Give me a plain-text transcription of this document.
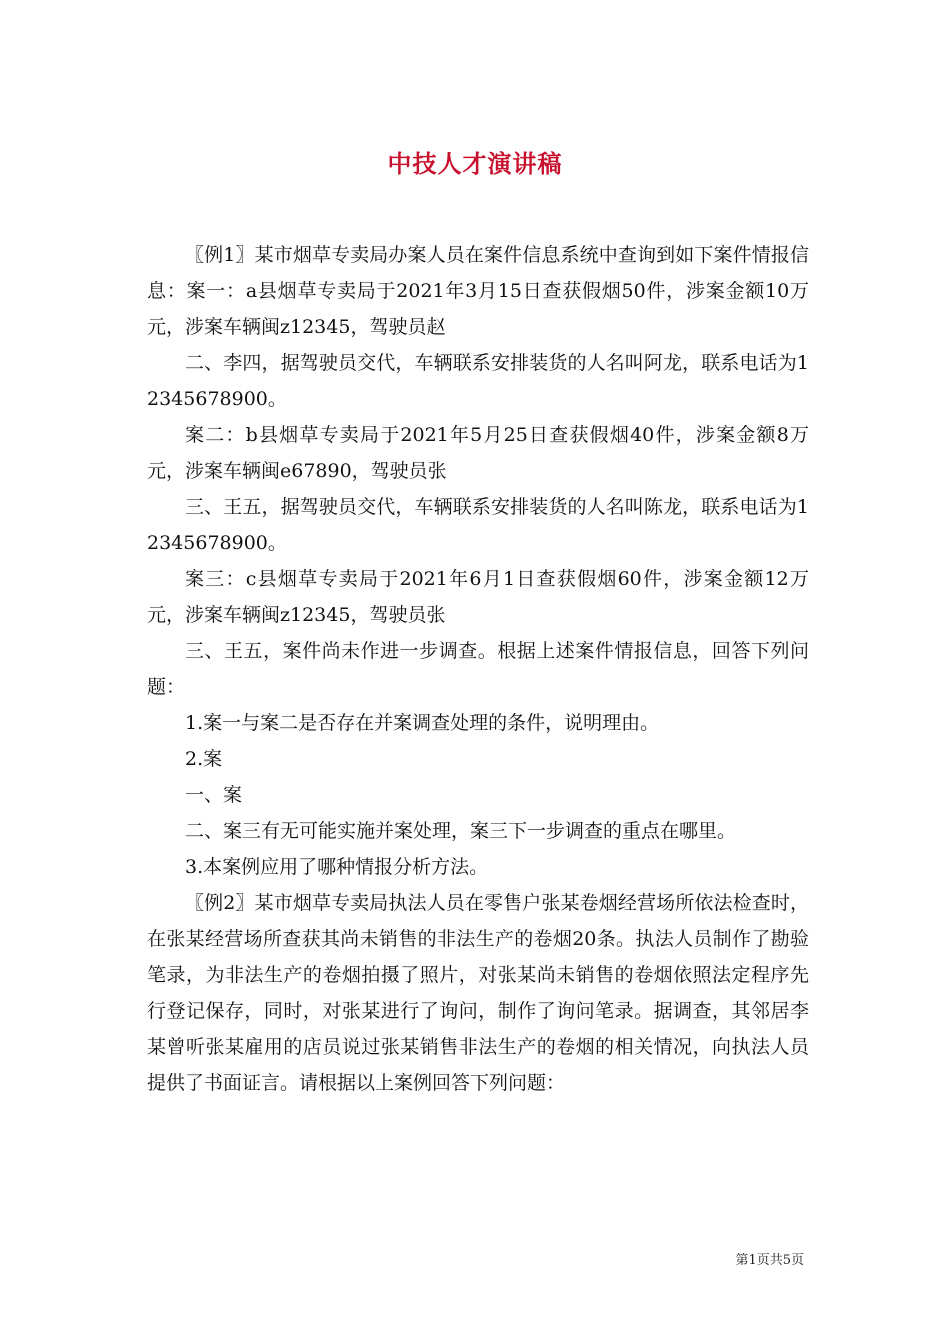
中技人才演讲稿

〖例1〗某市烟草专卖局办案人员在案件信息系统中查询到如下案件情报信息：案一：a县烟草专卖局于2021年3月15日查获假烟50件，涉案金额10万元，涉案车辆闽z12345，驾驶员赵

二、李四，据驾驶员交代，车辆联系安排装货的人名叫阿龙，联系电话为12345678900。

案二：b县烟草专卖局于2021年5月25日查获假烟40件，涉案金额8万元，涉案车辆闽e67890，驾驶员张

三、王五，据驾驶员交代，车辆联系安排装货的人名叫陈龙，联系电话为12345678900。

案三：c县烟草专卖局于2021年6月1日查获假烟60件，涉案金额12万元，涉案车辆闽z12345，驾驶员张

三、王五，案件尚未作进一步调查。根据上述案件情报信息，回答下列问题：

1.案一与案二是否存在并案调查处理的条件，说明理由。

2.案

一、案

二、案三有无可能实施并案处理，案三下一步调查的重点在哪里。

3.本案例应用了哪种情报分析方法。

〖例2〗某市烟草专卖局执法人员在零售户张某卷烟经营场所依法检查时，在张某经营场所查获其尚未销售的非法生产的卷烟20条。执法人员制作了勘验笔录，为非法生产的卷烟拍摄了照片，对张某尚未销售的卷烟依照法定程序先行登记保存，同时，对张某进行了询问，制作了询问笔录。据调查，其邻居李某曾听张某雇用的店员说过张某销售非法生产的卷烟的相关情况，向执法人员提供了书面证言。请根据以上案例回答下列问题：

第1页共5页
